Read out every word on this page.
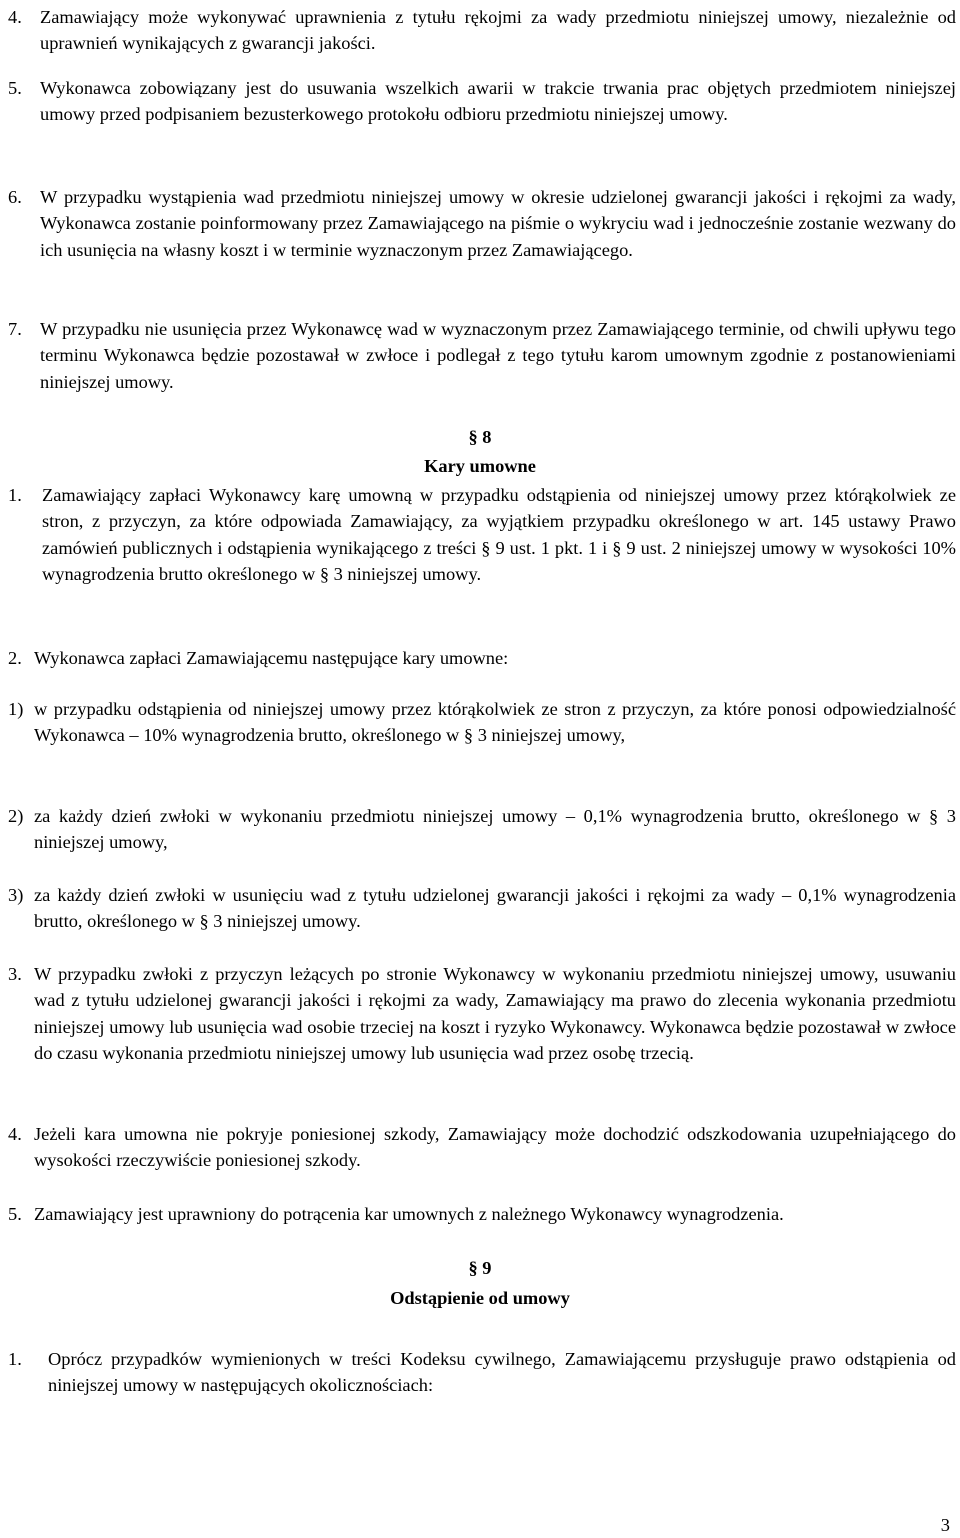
4. Zamawiający może wykonywać uprawnienia z tytułu rękojmi za wady przedmiotu niniejszej umowy, niezależnie od uprawnień wynikających z gwarancji jakości.
5. Wykonawca zobowiązany jest do usuwania wszelkich awarii w trakcie trwania prac objętych przedmiotem niniejszej umowy przed podpisaniem bezusterkowego protokołu odbioru przedmiotu niniejszej umowy.
6. W przypadku wystąpienia wad przedmiotu niniejszej umowy w okresie udzielonej gwarancji jakości i rękojmi za wady, Wykonawca zostanie poinformowany przez Zamawiającego na piśmie o wykryciu wad i jednocześnie zostanie wezwany do ich usunięcia na własny koszt i w terminie wyznaczonym przez Zamawiającego.
7. W przypadku nie usunięcia przez Wykonawcę wad w wyznaczonym przez Zamawiającego terminie, od chwili upływu tego terminu Wykonawca będzie pozostawał w zwłoce i podlegał z tego tytułu karom umownym zgodnie z postanowieniami niniejszej umowy.
§ 8
Kary umowne
1. Zamawiający zapłaci Wykonawcy karę umowną w przypadku odstąpienia od niniejszej umowy przez którąkolwiek ze stron, z przyczyn, za które odpowiada Zamawiający, za wyjątkiem przypadku określonego w art. 145 ustawy Prawo zamówień publicznych i odstąpienia wynikającego z treści § 9 ust. 1 pkt. 1 i § 9 ust. 2 niniejszej umowy w wysokości 10% wynagrodzenia brutto określonego w § 3 niniejszej umowy.
2. Wykonawca zapłaci Zamawiającemu następujące kary umowne:
1) w przypadku odstąpienia od niniejszej umowy przez którąkolwiek ze stron z przyczyn, za które ponosi odpowiedzialność Wykonawca – 10% wynagrodzenia brutto, określonego w § 3 niniejszej umowy,
2) za każdy dzień zwłoki w wykonaniu przedmiotu niniejszej umowy – 0,1% wynagrodzenia brutto, określonego w § 3 niniejszej umowy,
3) za każdy dzień zwłoki w usunięciu wad z tytułu udzielonej gwarancji jakości i rękojmi za wady – 0,1% wynagrodzenia brutto, określonego w § 3 niniejszej umowy.
3. W przypadku zwłoki z przyczyn leżących po stronie Wykonawcy w wykonaniu przedmiotu niniejszej umowy, usuwaniu wad z tytułu udzielonej gwarancji jakości i rękojmi za wady, Zamawiający ma prawo do zlecenia wykonania przedmiotu niniejszej umowy lub usunięcia wad osobie trzeciej na koszt i ryzyko Wykonawcy. Wykonawca będzie pozostawał w zwłoce do czasu wykonania przedmiotu niniejszej umowy lub usunięcia wad przez osobę trzecią.
4. Jeżeli kara umowna nie pokryje poniesionej szkody, Zamawiający może dochodzić odszkodowania uzupełniającego do wysokości rzeczywiście poniesionej szkody.
5. Zamawiający jest uprawniony do potrącenia kar umownych z należnego Wykonawcy wynagrodzenia.
§ 9
Odstąpienie od umowy
1. Oprócz przypadków wymienionych w treści Kodeksu cywilnego, Zamawiającemu przysługuje prawo odstąpienia od niniejszej umowy w następujących okolicznościach:
3
